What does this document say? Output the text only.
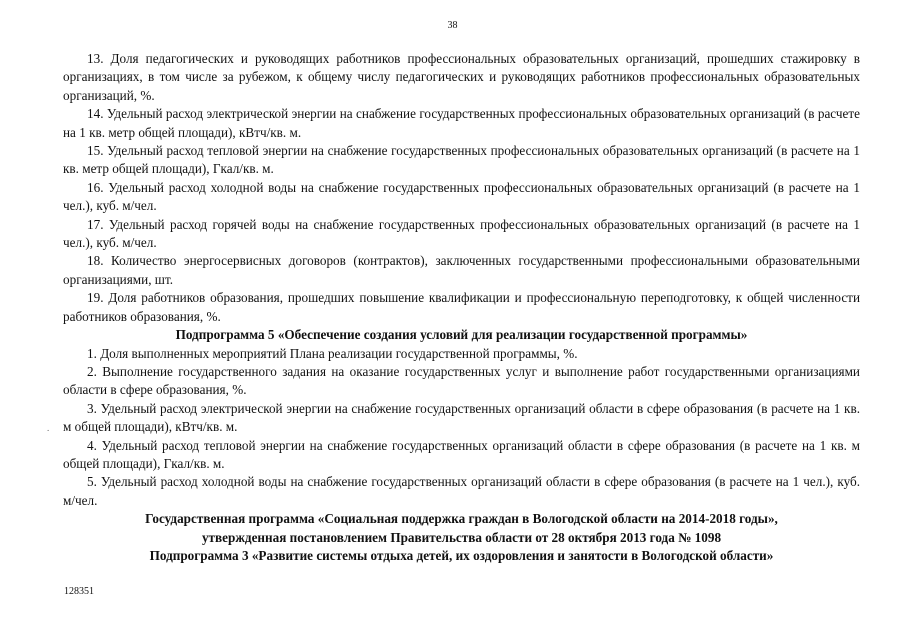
38

13. Доля педагогических и руководящих работников профессиональных образовательных организаций, прошедших стажировку в организациях, в том числе за рубежом, к общему числу педагогических и руководящих работников профессиональных образовательных организаций, %.

14. Удельный расход электрической энергии на снабжение государственных профессиональных образовательных организаций (в расчете на 1 кв. метр общей площади), кВтч/кв. м.

15. Удельный расход тепловой энергии на снабжение государственных профессиональных образовательных организаций (в расчете на 1 кв. метр общей площади), Гкал/кв. м.

16. Удельный расход холодной воды на снабжение государственных профессиональных образовательных организаций (в расчете на 1 чел.), куб. м/чел.

17. Удельный расход горячей воды на снабжение государственных профессиональных образовательных организаций (в расчете на 1 чел.), куб. м/чел.

18. Количество энергосервисных договоров (контрактов), заключенных государственными профессиональными образовательными организациями, шт.

19. Доля работников образования, прошедших повышение квалификации и профессиональную переподготовку, к общей численности работников образования, %.

Подпрограмма 5 «Обеспечение создания условий для реализации государственной программы»

1. Доля выполненных мероприятий Плана реализации государственной программы, %.

2. Выполнение государственного задания на оказание государственных услуг и выполнение работ государственными организациями области в сфере образования, %.

3. Удельный расход электрической энергии на снабжение государственных организаций области в сфере образования (в расчете на 1 кв. м общей площади), кВтч/кв. м.

4. Удельный расход тепловой энергии на снабжение государственных организаций области в сфере образования (в расчете на 1 кв. м общей площади), Гкал/кв. м.

5. Удельный расход холодной воды на снабжение государственных организаций области в сфере образования (в расчете на 1 чел.), куб. м/чел.

Государственная программа «Социальная поддержка граждан в Вологодской области на 2014-2018 годы»,

утвержденная постановлением Правительства области от 28 октября 2013 года № 1098

Подпрограмма 3 «Развитие системы отдыха детей, их оздоровления и занятости в Вологодской области»

.
128351
